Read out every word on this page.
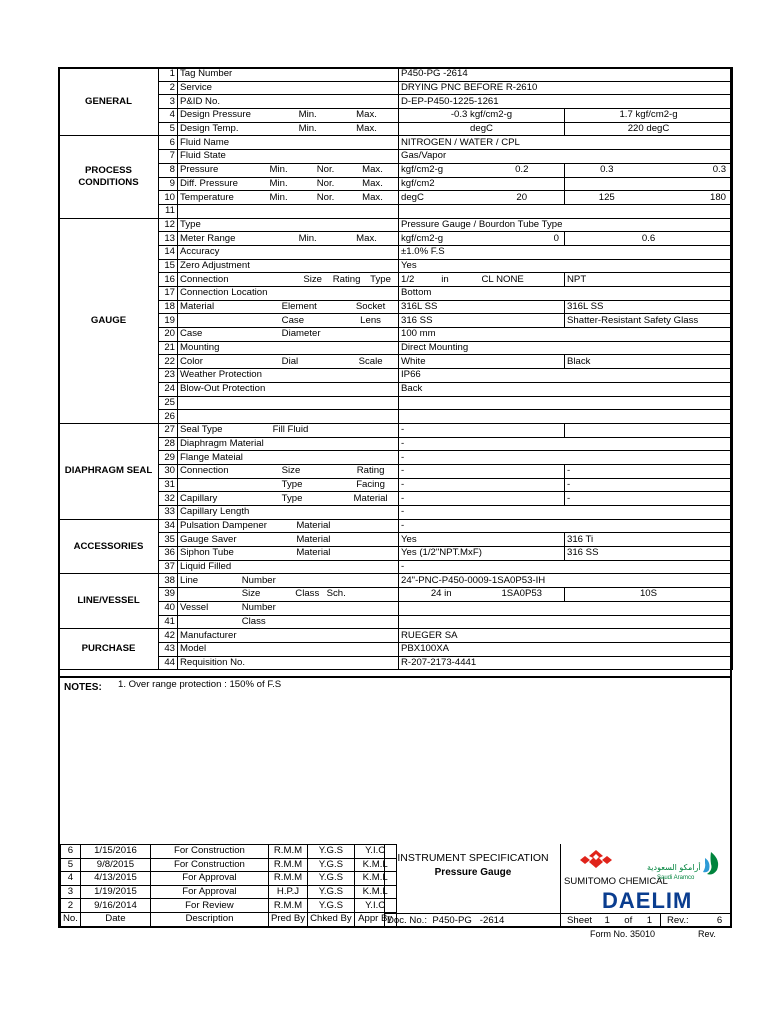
GENERAL	1	Tag Number	P450-PG -2614	
	2	Service	DRYING PNC BEFORE R-2610	
	3	P&ID No.	D-EP-P450-1225-1261	
	4	Design Pressure Min. Max.	-0.3 kgf/cm2-g	1.7 kgf/cm2-g
	5	Design Temp. Min. Max.	degC	220 degC
PROCESS CONDITIONS	6	Fluid Name	NITROGEN / WATER / CPL	
	7	Fluid State	Gas/Vapor	
	8	Pressure Min. Nor. Max.	kgf/cm2-g 0.2	0.3 0.3

	9	Diff. Pressure Min. Nor. Max.	kgf/cm2	
	10	Temperature Min. Nor. Max.	degC 20	125 180

	11			
GAUGE	12	Type	Pressure Gauge / Bourdon Tube Type	
	13	Meter Range Min. Max.	kgf/cm2-g 0	0.6
	14	Accuracy	±1.0% F.S	
	15	Zero Adjustment	Yes	
	16	Connection Size Rating Type	1/2 in CL NONE	NPT
	17	Connection Location	Bottom	
	18	Material Element Socket	316L SS	316L SS
	19	Case Lens	316 SS	Shatter-Resistant Safety Glass
	20	Case Diameter	100 mm	
	21	Mounting	Direct Mounting	
	22	Color Dial Scale	White	Black
	23	Weather Protection	IP66	
	24	Blow-Out Protection	Back	
	25			
	26			
DIAPHRAGM SEAL	27	Seal Type Fill Fluid	-	
	28	Diaphragm Material	-	
	29	Flange Mateial	-	
	30	Connection Size Rating	-	-
	31	Type Facing	-	-
	32	Capillary Type Material	-	-
	33	Capillary Length	-	
ACCESSORIES	34	Pulsation Dampener Material	-	
	35	Gauge Saver Material	Yes	316 Ti
	36	Siphon Tube Material	Yes (1/2"NPT.MxF)	316 SS
	37	Liquid Filled	-	
LINE/VESSEL	38	Line Number	24"-PNC-P450-0009-1SA0P53-IH	
	39	Size Class Sch.	24 in 1SA0P53	10S
	40	Vessel Number		

	41	Class		

PURCHASE	42	Manufacturer	RUEGER SA	
	43	Model	PBX100XA	
	44	Requisition No.	R-207-2173-4441	
NOTES: 1. Over range protection : 150% of F.S
6	1/15/2016	For Construction	R.M.M	Y.G.S	Y.I.C
5	9/8/2015	For Construction	R.M.M	Y.G.S	K.M.L
4	4/13/2015	For Approval	R.M.M	Y.G.S	K.M.L
3	1/19/2015	For Approval	H.P.J	Y.G.S	K.M.L
2	9/16/2014	For Review	R.M.M	Y.G.S	Y.I.C
No.	Date	Description	Pred By	Chked By	Appr By
INSTRUMENT SPECIFICATION
Pressure Gauge
SUMITOMO CHEMICAL
أرامكو السعودية
Saudi Aramco
DAELIM
Doc. No.: P450-PG   -2614	Sheet	1	of	1	Rev.:	6
Form No. 35010	Rev.
